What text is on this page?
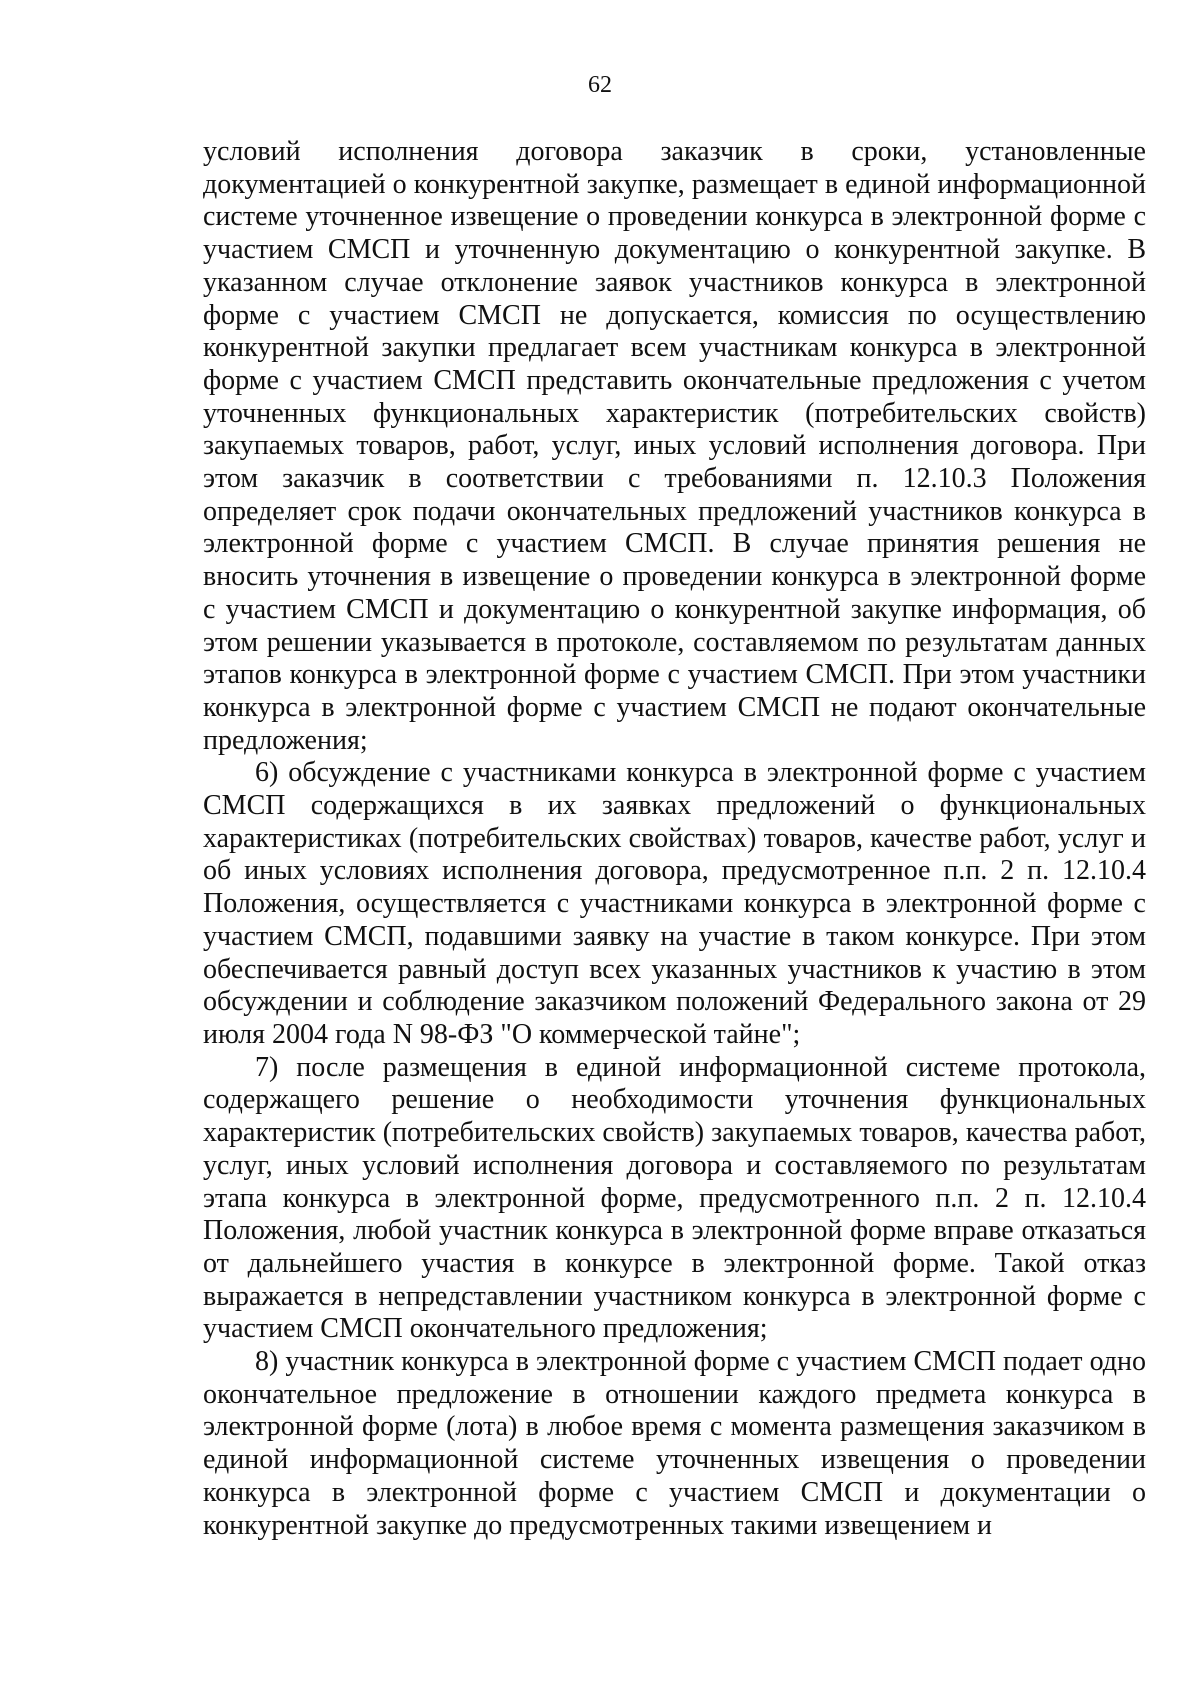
62

условий исполнения договора заказчик в сроки, установленные документацией о конкурентной закупке, размещает в единой информационной системе уточненное извещение о проведении конкурса в электронной форме с участием СМСП и уточненную документацию о конкурентной закупке. В указанном случае отклонение заявок участников конкурса в электронной форме с участием СМСП не допускается, комиссия по осуществлению конкурентной закупки предлагает всем участникам конкурса в электронной форме с участием СМСП представить окончательные предложения с учетом уточненных функциональных характеристик (потребительских свойств) закупаемых товаров, работ, услуг, иных условий исполнения договора. При этом заказчик в соответствии с требованиями п. 12.10.3 Положения определяет срок подачи окончательных предложений участников конкурса в электронной форме с участием СМСП. В случае принятия решения не вносить уточнения в извещение о проведении конкурса в электронной форме с участием СМСП и документацию о конкурентной закупке информация, об этом решении указывается в протоколе, составляемом по результатам данных этапов конкурса в электронной форме с участием СМСП. При этом участники конкурса в электронной форме с участием СМСП не подают окончательные предложения;

6) обсуждение с участниками конкурса в электронной форме с участием СМСП содержащихся в их заявках предложений о функциональных характеристиках (потребительских свойствах) товаров, качестве работ, услуг и об иных условиях исполнения договора, предусмотренное п.п. 2 п. 12.10.4 Положения, осуществляется с участниками конкурса в электронной форме с участием СМСП, подавшими заявку на участие в таком конкурсе. При этом обеспечивается равный доступ всех указанных участников к участию в этом обсуждении и соблюдение заказчиком положений Федерального закона от 29 июля 2004 года N 98-ФЗ "О коммерческой тайне";

7) после размещения в единой информационной системе протокола, содержащего решение о необходимости уточнения функциональных характеристик (потребительских свойств) закупаемых товаров, качества работ, услуг, иных условий исполнения договора и составляемого по результатам этапа конкурса в электронной форме, предусмотренного п.п. 2 п. 12.10.4 Положения, любой участник конкурса в электронной форме вправе отказаться от дальнейшего участия в конкурсе в электронной форме. Такой отказ выражается в непредставлении участником конкурса в электронной форме с участием СМСП окончательного предложения;

8) участник конкурса в электронной форме с участием СМСП подает одно окончательное предложение в отношении каждого предмета конкурса в электронной форме (лота) в любое время с момента размещения заказчиком в единой информационной системе уточненных извещения о проведении конкурса в электронной форме с участием СМСП и документации о конкурентной закупке до предусмотренных такими извещением и
